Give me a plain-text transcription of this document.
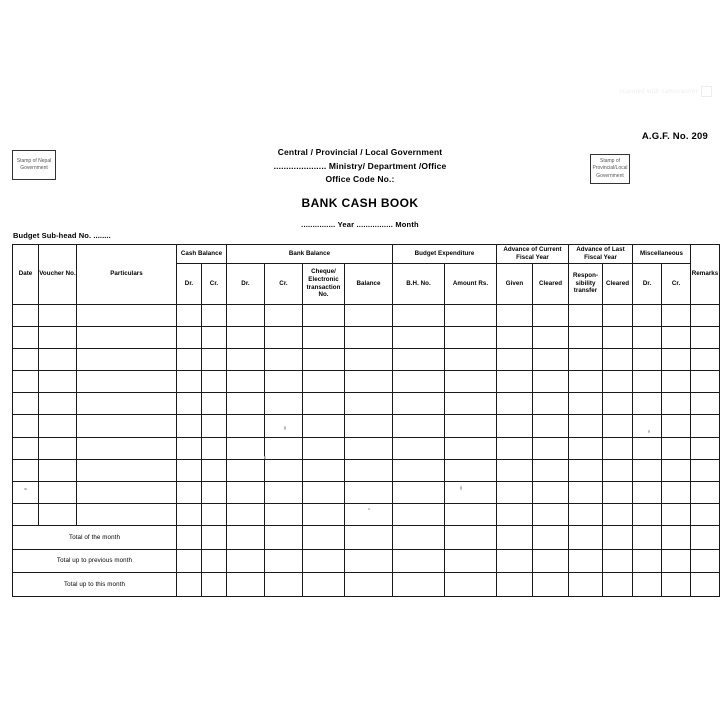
scanned with camscanner
Stamp of Nepal Government
Stamp of Provincial/Local Government
A.G.F. No. 209
Central / Provincial / Local Government
..................... Ministry/ Department /Office
Office Code No.:
BANK CASH BOOK
............... Year ................ Month
Budget Sub-head No. ........
Date	Voucher No.	Particulars	Cash Balance		Bank Balance				Budget Expenditure		Advance of Current Fiscal Year		Advance of Last Fiscal Year		Miscellaneous		Remarks
			Dr.	Cr.	Dr.	Cr.	Cheque/ Electronic transaction No.	Balance	B.H. No.	Amount Rs.	Given	Cleared	Respon- sibility transfer	Cleared	Dr.	Cr.	

Total of the month																	
Total up to previous month																	
Total up to this month																	
